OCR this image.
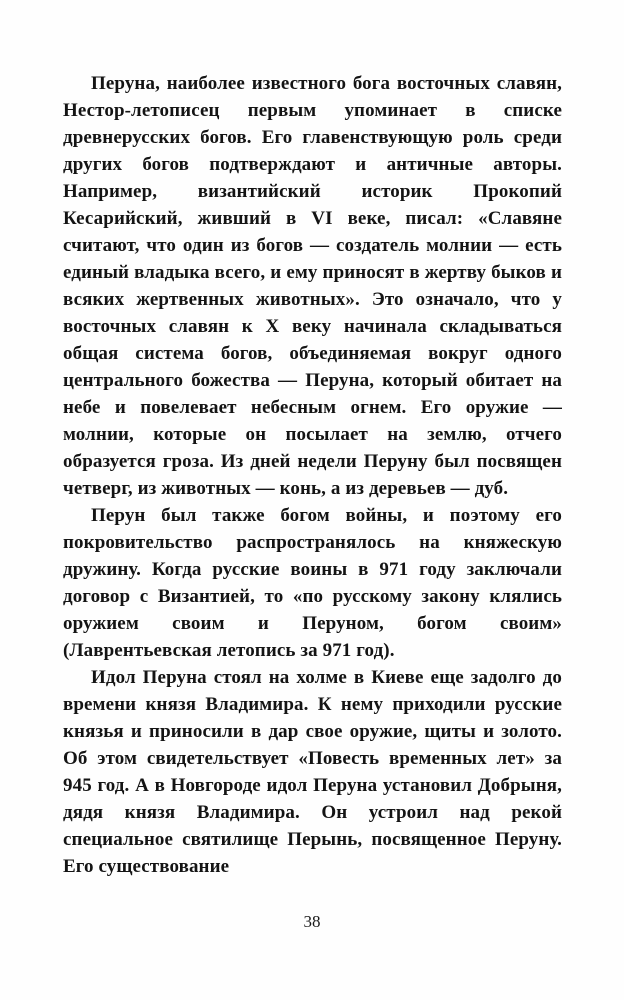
Перуна, наиболее известного бога восточных славян, Нестор-летописец первым упоминает в списке древнерусских богов. Его главенствующую роль среди других богов подтверждают и античные авторы. Например, византийский историк Прокопий Кесарийский, живший в VI веке, писал: «Славяне считают, что один из богов — создатель молнии — есть единый владыка всего, и ему приносят в жертву быков и всяких жертвенных животных». Это означало, что у восточных славян к X веку начинала складываться общая система богов, объединяемая вокруг одного центрального божества — Перуна, который обитает на небе и повелевает небесным огнем. Его оружие — молнии, которые он посылает на землю, отчего образуется гроза. Из дней недели Перуну был посвящен четверг, из животных — конь, а из деревьев — дуб.

Перун был также богом войны, и поэтому его покровительство распространялось на княжескую дружину. Когда русские воины в 971 году заключали договор с Византией, то «по русскому закону клялись оружием своим и Перуном, богом своим» (Лаврентьевская летопись за 971 год).

Идол Перуна стоял на холме в Киеве еще задолго до времени князя Владимира. К нему приходили русские князья и приносили в дар свое оружие, щиты и золото. Об этом свидетельствует «Повесть временных лет» за 945 год. А в Новгороде идол Перуна установил Добрыня, дядя князя Владимира. Он устроил над рекой специальное святилище Перынь, посвященное Перуну. Его существование

38
